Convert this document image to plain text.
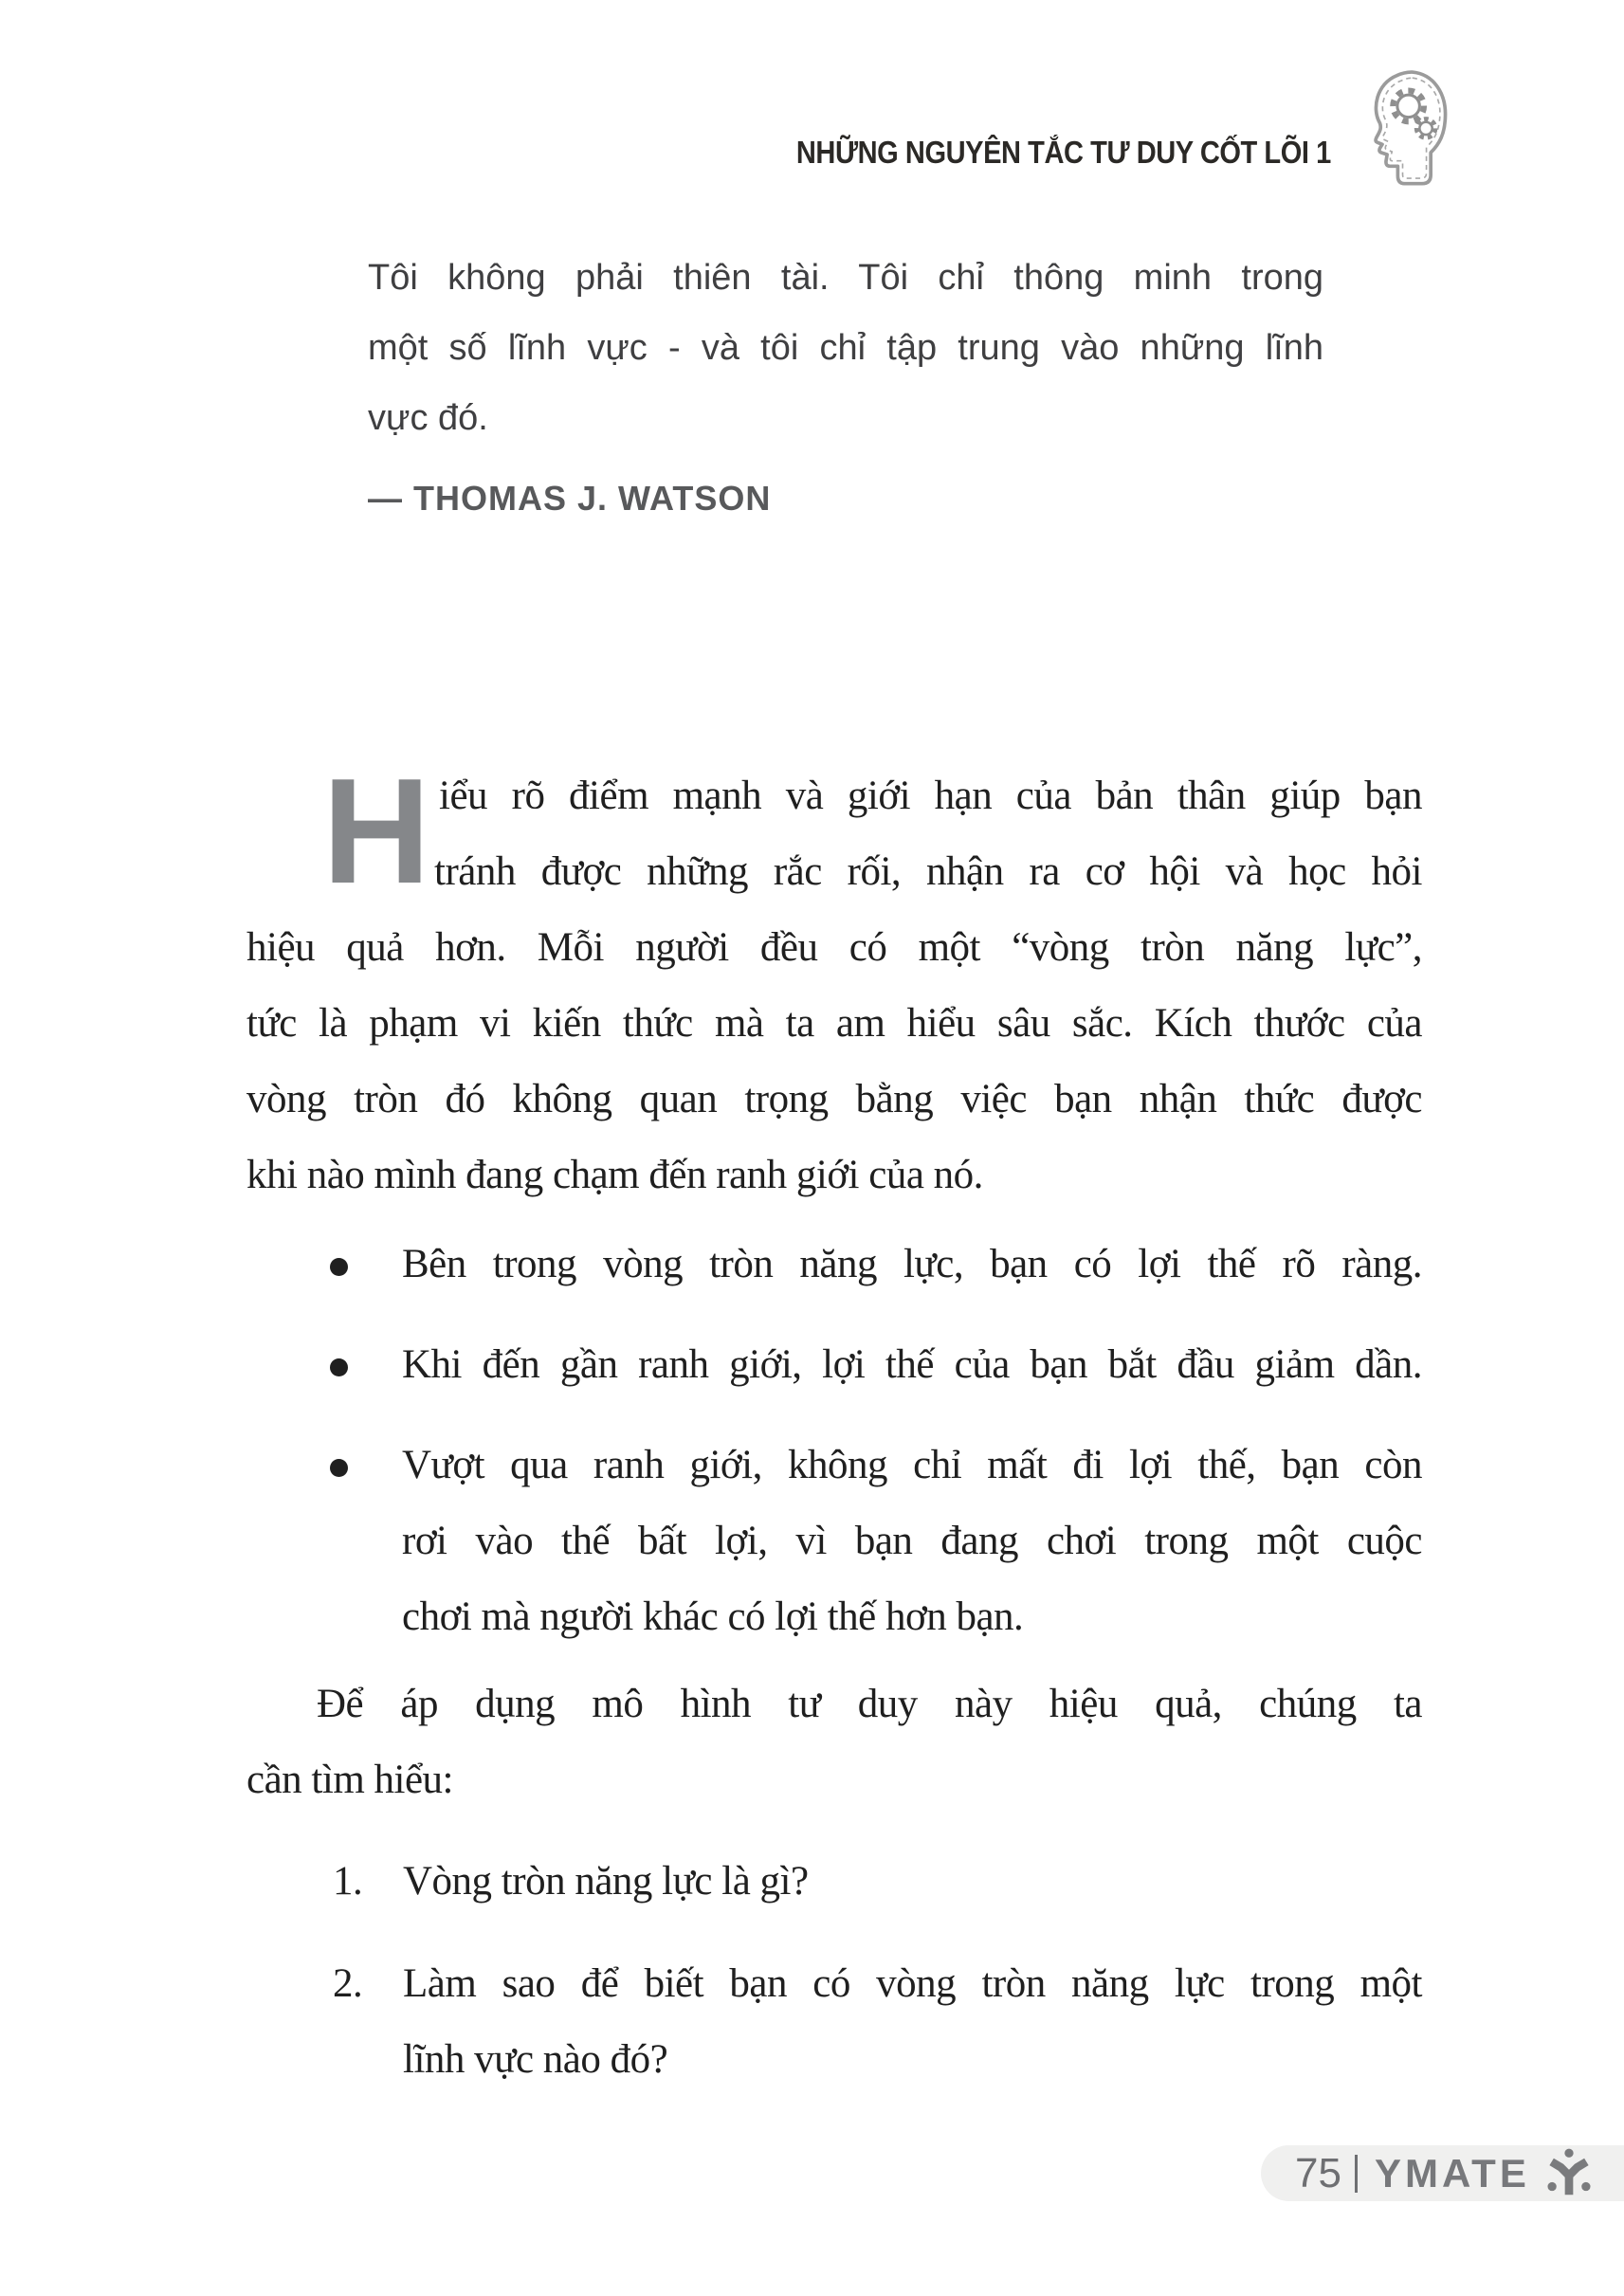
NHỮNG NGUYÊN TẮC TƯ DUY CỐT LÕI 1
Tôi không phải thiên tài. Tôi chỉ thông minh trong
một số lĩnh vực - và tôi chỉ tập trung vào những lĩnh
vực đó.
— THOMAS J. WATSON
H iểu rõ điểm mạnh và giới hạn của bản thân giúp bạn
tránh được những rắc rối, nhận ra cơ hội và học hỏi
hiệu quả hơn. Mỗi người đều có một “vòng tròn năng lực”,
tức là phạm vi kiến thức mà ta am hiểu sâu sắc. Kích thước của
vòng tròn đó không quan trọng bằng việc bạn nhận thức được
khi nào mình đang chạm đến ranh giới của nó.
Bên trong vòng tròn năng lực, bạn có lợi thế rõ ràng.
Khi đến gần ranh giới, lợi thế của bạn bắt đầu giảm dần.
Vượt qua ranh giới, không chỉ mất đi lợi thế, bạn còn
rơi vào thế bất lợi, vì bạn đang chơi trong một cuộc
chơi mà người khác có lợi thế hơn bạn.
Để áp dụng mô hình tư duy này hiệu quả, chúng ta
cần tìm hiểu:
1. Vòng tròn năng lực là gì?
2. Làm sao để biết bạn có vòng tròn năng lực trong một
lĩnh vực nào đó?
75 YMATE
